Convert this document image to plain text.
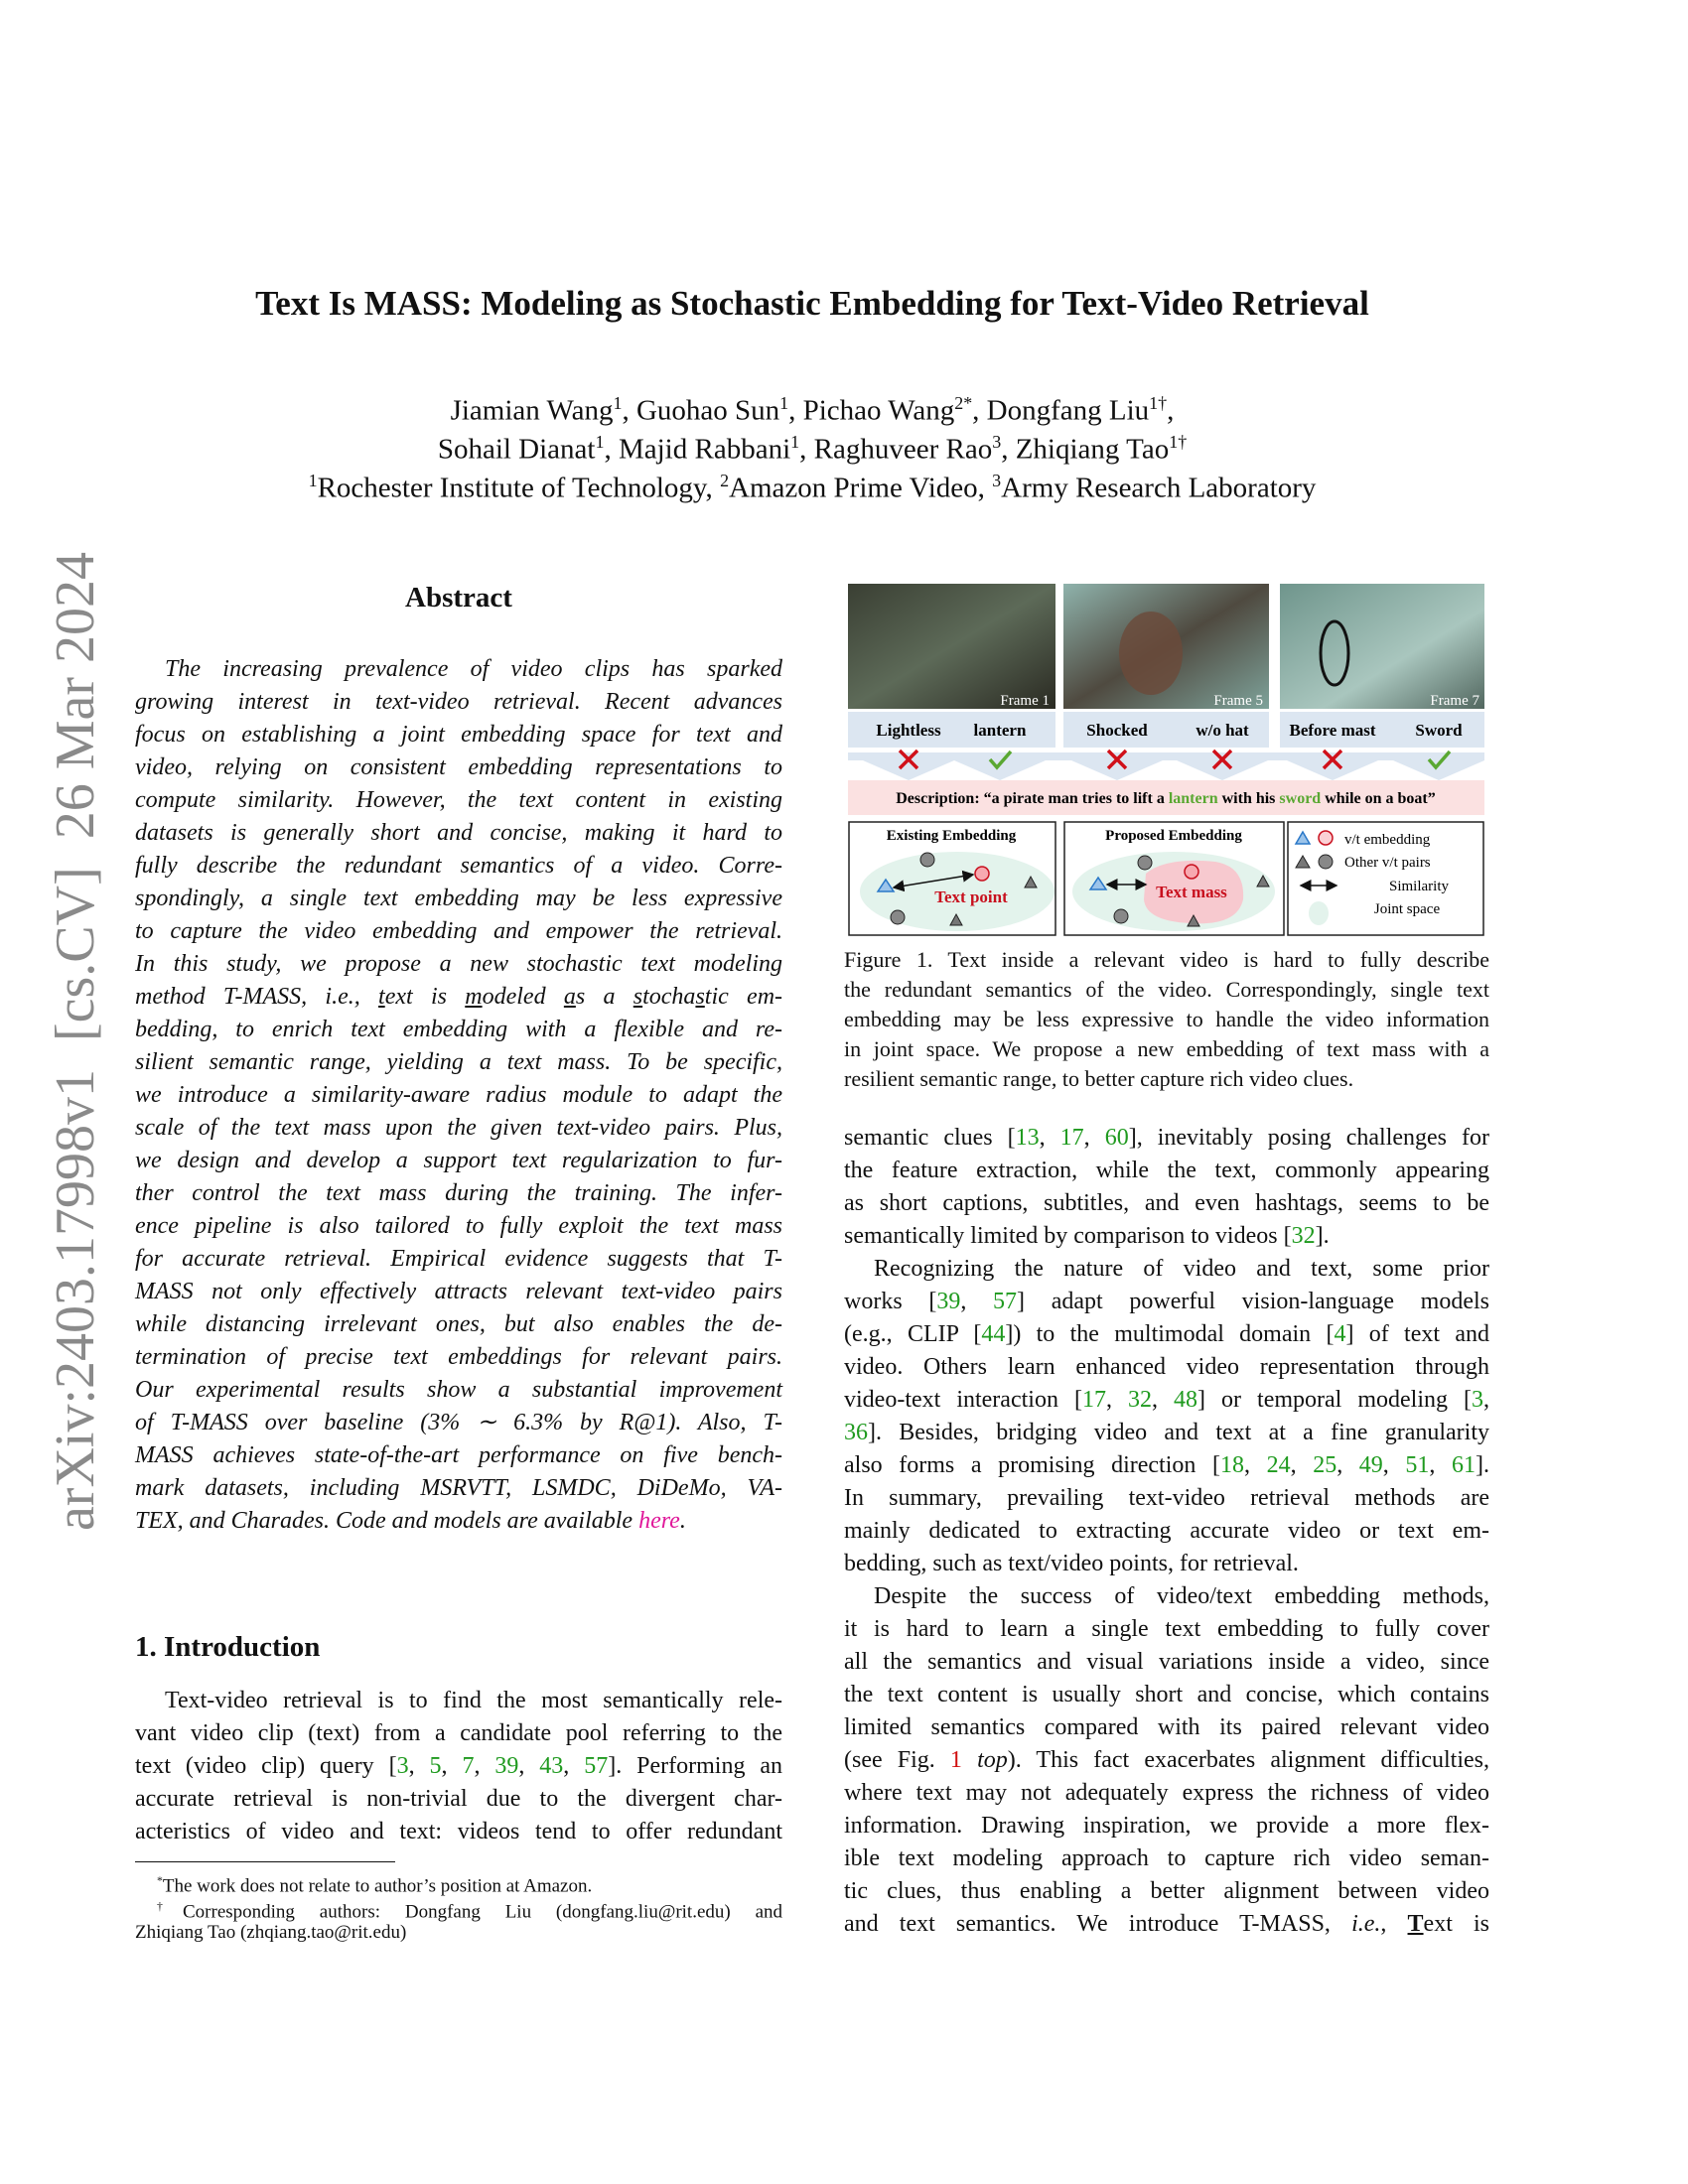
arXiv:2403.17998v1  [cs.CV]  26 Mar 2024
Text Is MASS: Modeling as Stochastic Embedding for Text-Video Retrieval
Jiamian Wang$^1$, Guohao Sun$^1$, Pichao Wang$^{2*}$, Dongfang Liu$^{1\dagger}$,
Sohail Dianat$^1$, Majid Rabbani$^1$, Raghuveer Rao$^3$, Zhiqiang Tao$^{1\dagger}$
$^1$Rochester Institute of Technology, $^2$Amazon Prime Video, $^3$Army Research Laboratory
Abstract
The increasing prevalence of video clips has sparked
growing interest in text-video retrieval. Recent advances
focus on establishing a joint embedding space for text and
video, relying on consistent embedding representations to
compute similarity. However, the text content in existing
datasets is generally short and concise, making it hard to
fully describe the redundant semantics of a video. Corre-
spondingly, a single text embedding may be less expressive
to capture the video embedding and empower the retrieval.
In this study, we propose a new stochastic text modeling
method T-MASS, i.e., text is modeled as a stochastic em-
bedding, to enrich text embedding with a flexible and re-
silient semantic range, yielding a text mass. To be specific,
we introduce a similarity-aware radius module to adapt the
scale of the text mass upon the given text-video pairs. Plus,
we design and develop a support text regularization to fur-
ther control the text mass during the training. The infer-
ence pipeline is also tailored to fully exploit the text mass
for accurate retrieval. Empirical evidence suggests that T-
MASS not only effectively attracts relevant text-video pairs
while distancing irrelevant ones, but also enables the de-
termination of precise text embeddings for relevant pairs.
Our experimental results show a substantial improvement
of T-MASS over baseline (3% ∼ 6.3% by R@1). Also, T-
MASS achieves state-of-the-art performance on five bench-
mark datasets, including MSRVTT, LSMDC, DiDeMo, VA-
TEX, and Charades. Code and models are available here.
1. Introduction
Text-video retrieval is to find the most semantically rele-
vant video clip (text) from a candidate pool referring to the
text (video clip) query [3, 5, 7, 39, 43, 57]. Performing an
accurate retrieval is non-trivial due to the divergent char-
acteristics of video and text: videos tend to offer redundant
*The work does not relate to author’s position at Amazon.
†Corresponding authors: Dongfang Liu (dongfang.liu@rit.edu) and
Zhiqiang Tao (zhqiang.tao@rit.edu)
Frame 1	Frame 5	Frame 7
Lightless lantern	Shocked	w/o hat Before mast Sword
Description: “a pirate man tries to lift a lantern with his sword while on a boat”
Existing Embedding
Text point
Proposed Embedding
Text mass
v/t embedding
Other v/t pairs
Similarity
Joint space
Figure 1. Text inside a relevant video is hard to fully describe
the redundant semantics of the video. Correspondingly, single text
embedding may be less expressive to handle the video information
in joint space. We propose a new embedding of text mass with a
resilient semantic range, to better capture rich video clues.
semantic clues [13, 17, 60], inevitably posing challenges for
the feature extraction, while the text, commonly appearing
as short captions, subtitles, and even hashtags, seems to be
semantically limited by comparison to videos [32].
Recognizing the nature of video and text, some prior
works [39, 57] adapt powerful vision-language models
(e.g., CLIP [44]) to the multimodal domain [4] of text and
video. Others learn enhanced video representation through
video-text interaction [17, 32, 48] or temporal modeling [3,
36]. Besides, bridging video and text at a fine granularity
also forms a promising direction [18, 24, 25, 49, 51, 61].
In summary, prevailing text-video retrieval methods are
mainly dedicated to extracting accurate video or text em-
bedding, such as text/video points, for retrieval.
Despite the success of video/text embedding methods,
it is hard to learn a single text embedding to fully cover
all the semantics and visual variations inside a video, since
the text content is usually short and concise, which contains
limited semantics compared with its paired relevant video
(see Fig. 1 top). This fact exacerbates alignment difficulties,
where text may not adequately express the richness of video
information. Drawing inspiration, we provide a more flex-
ible text modeling approach to capture rich video seman-
tic clues, thus enabling a better alignment between video
and text semantics. We introduce T-MASS, i.e., Text is
